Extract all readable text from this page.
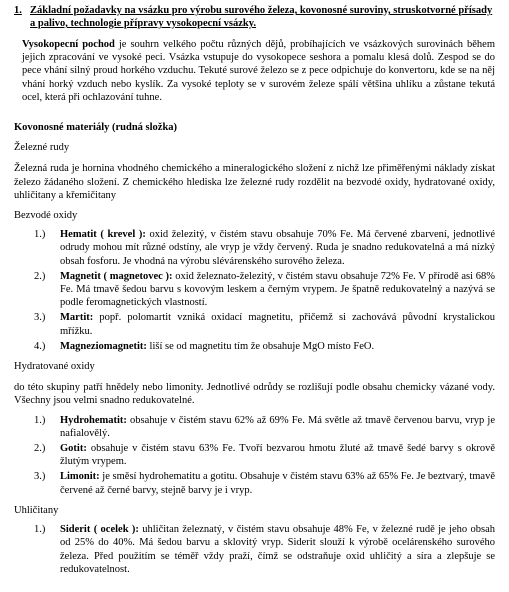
1. Základní požadavky na vsázku pro výrobu surového železa, kovonosné suroviny, struskotvorné přísady a palivo, technologie přípravy vysokopecní vsázky.
Vysokopecní pochod je souhrn velkého počtu různých dějů, probíhajících ve vsázkových surovinách během jejich zpracování ve vysoké peci. Vsázka vstupuje do vysokopece seshora a pomalu klesá dolů. Zespod se do pece vhání silný proud horkého vzduchu. Tekuté surové železo se z pece odpichuje do konvertoru, kde se na něj vhání horký vzduch nebo kyslík. Za vysoké teploty se v surovém železe spálí většina uhlíku a zůstane tekutá ocel, která při ochlazování tuhne.
Kovonosné materiály (rudná složka)
Železné rudy
Železná ruda je hornina vhodného chemického a mineralogického složení z nichž lze přiměřenými náklady získat železo žádaného složení. Z chemického hlediska lze železné rudy rozdělit na bezvodé oxidy, hydratované oxidy, uhličitany a křemičitany
Bezvodé oxidy
1.)	Hematit ( krevel ): oxid železitý, v čistém stavu obsahuje 70% Fe. Má červené zbarvení, jednotlivé odrudy mohou mít různé odstíny, ale vryp je vždy červený. Ruda je snadno redukovatelná a má nízký obsah fosforu. Je vhodná na výrobu slévárenského surového železa.
2.)	Magnetit ( magnetovec ): oxid železnato-železitý, v čistém stavu obsahuje 72% Fe. V přírodě asi 68% Fe. Má tmavě šedou barvu s kovovým leskem a černým vrypem. Je špatně redukovatelný a nazývá se podle feromagnetických vlastností.
3.)	Martit: popř. polomartit vzniká oxidací magnetitu, přičemž si zachovává původní krystalickou mřížku.
4.)	Magneziomagnetit: liší se od magnetitu tím že obsahuje MgO místo FeO.
Hydratované oxidy
do této skupiny patří hnědely nebo limonity. Jednotlivé odrůdy se rozlišují podle obsahu chemicky vázané vody. Všechny jsou velmi snadno redukovatelné.
1.)	Hydrohematit: obsahuje v čistém stavu 62% až 69% Fe. Má světle až tmavě červenou barvu, vryp je nafialovělý.
2.)	Gotit: obsahuje v čistém stavu 63% Fe. Tvoří bezvarou hmotu žluté až tmavě šedé barvy s okrově žlutým vrypem.
3.)	Limonit: je směsí hydrohematitu a gotitu. Obsahuje v čistém stavu 63% až 65% Fe. Je beztvarý, tmavě červené až černé barvy, stejně barvy je i vryp.
Uhličitany
1.)	Siderit ( ocelek ): uhličitan železnatý, v čistém stavu obsahuje 48% Fe, v železné rudě je jeho obsah od 25% do 40%. Má šedou barvu a sklovitý vryp. Siderit slouží k výrobě ocelárenského surového železa. Před použitím se téměř vždy praží, čímž se odstraňuje oxid uhličitý a síra a zlepšuje se redukovatelnost.
